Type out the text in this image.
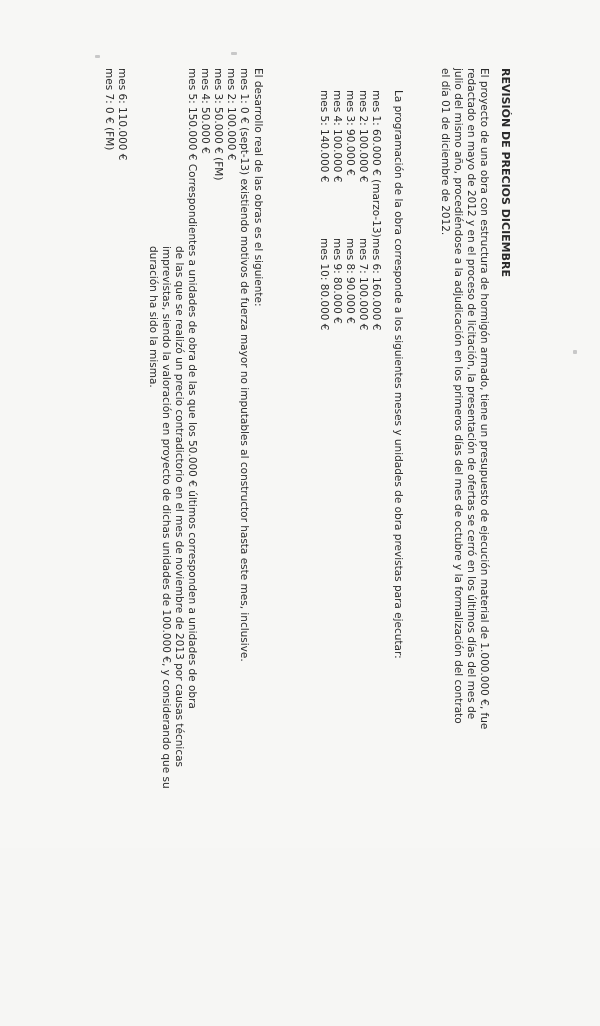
REVISIÓN DE PRECIOS DICIEMBRE
El proyecto de una obra con estructura de hormigón armado, tiene un presupuesto de ejecución material de 1.000.000 €, fue
redactado en mayo de 2012 y en el proceso de licitación, la presentación de ofertas se cerró en los últimos días del mes de
julio del mismo año, procediéndose a la adjudicación en los primeros días del mes de octubre y la formalización del contrato
el día 01 de diciembre de 2012.
La programación de la obra corresponde a los siguientes meses y unidades de obra previstas para ejecutar:
mes 1: 60.000 € (marzo-13)
mes 2: 100.000 €
mes 3: 90.000 €
mes 4: 100.000 €
mes 5: 140.000 €
mes 6: 160.000 €
mes 7: 100.000 €
mes 8: 90.000 €
mes 9: 80.000 €
mes 10: 80.000 €
El desarrollo real de las obras es el siguiente:
mes 1: 0 € (sept-13) existiendo motivos de fuerza mayor no imputables al constructor hasta este mes, inclusive.
mes 2: 100.000 €
mes 3: 50.000 € (FM)
mes 4: 50.000 €
mes 5: 150.000 € Correspondientes a unidades de obra de las que los 50.000 € últimos corresponden a unidades de obra
de las que se realizó un precio contradictorio en el mes de noviembre de 2013 por causas técnicas
imprevistas, siendo la valoración en proyecto de dichas unidades de 100.000 €, y considerando que su
duración ha sido la misma.
mes 6: 110.000 €
mes 7: 0 € (FM)
